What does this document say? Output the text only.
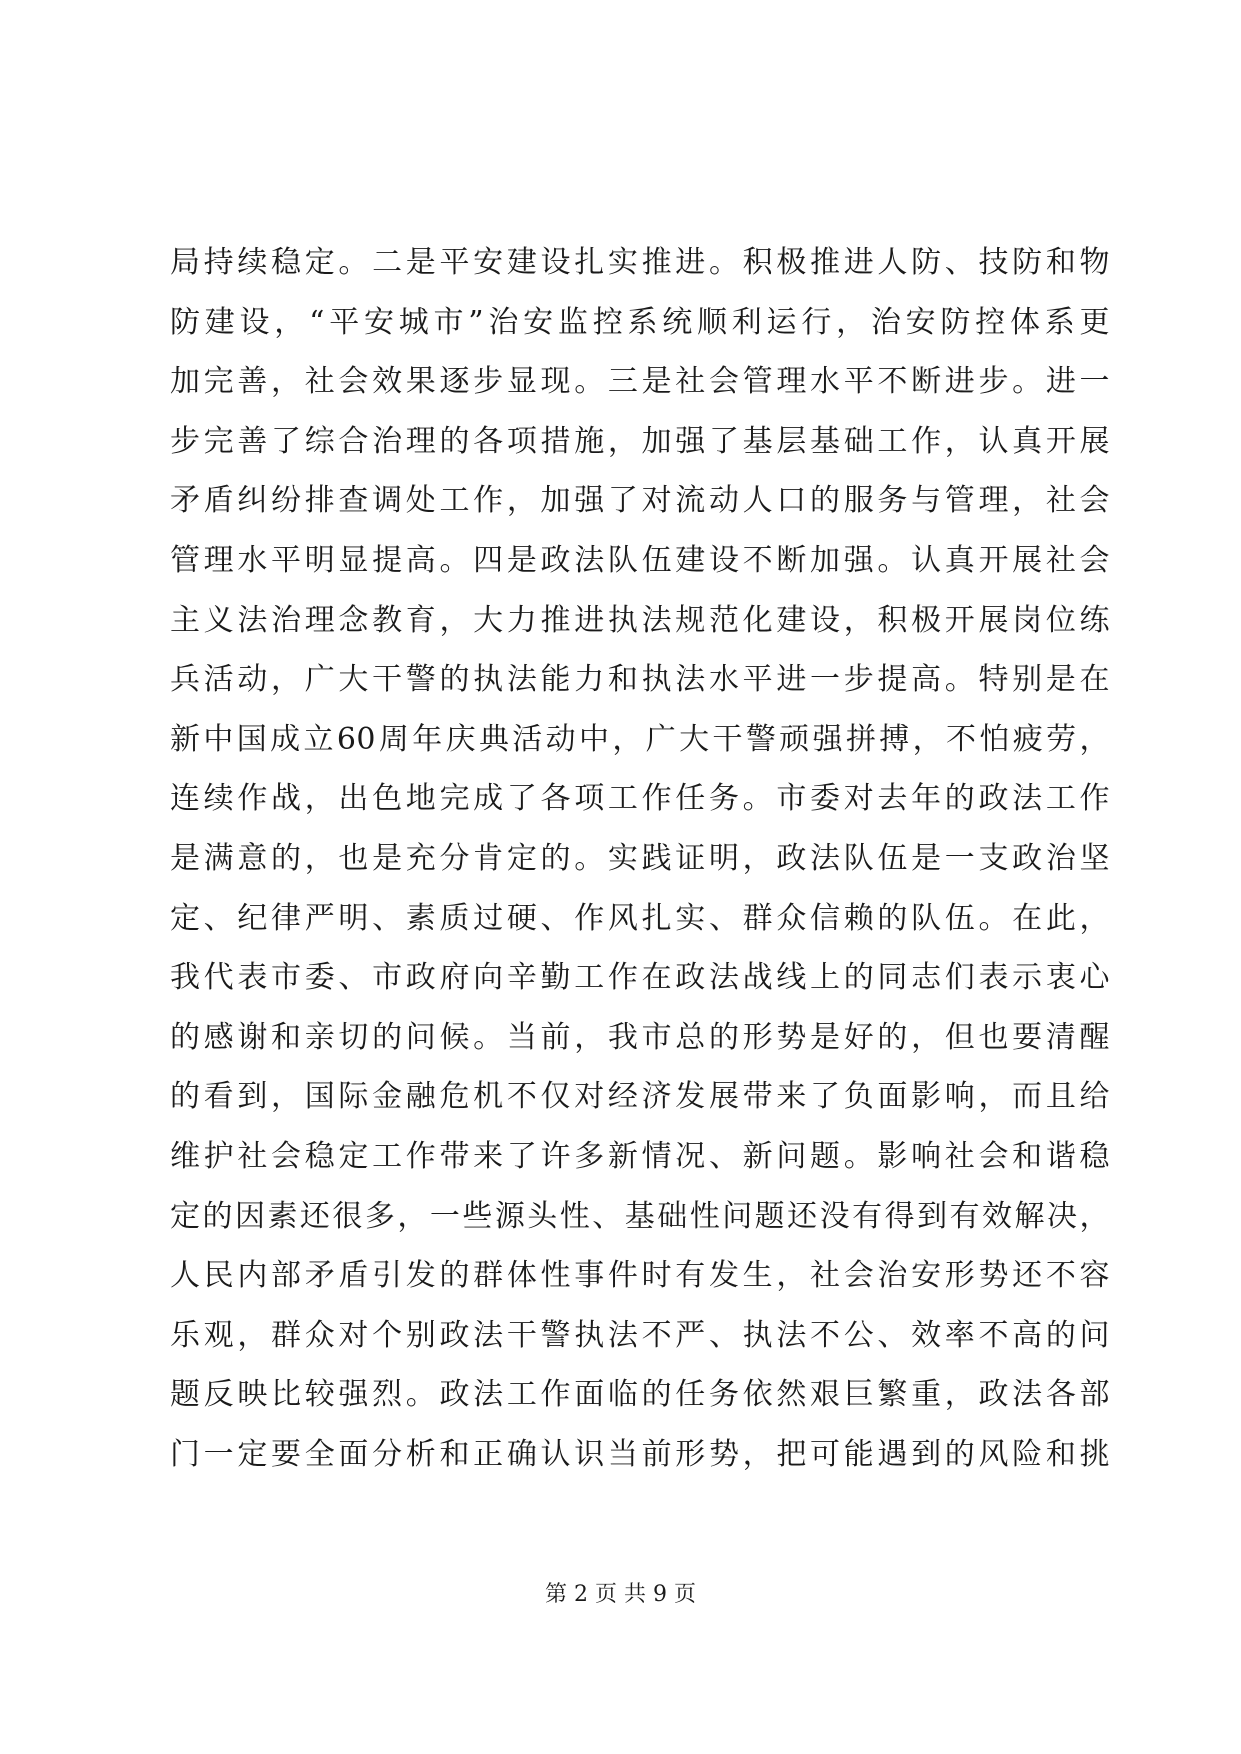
局持续稳定。二是平安建设扎实推进。积极推进人防、技防和物
防建设，“平安城市”治安监控系统顺利运行，治安防控体系更
加完善，社会效果逐步显现。三是社会管理水平不断进步。进一
步完善了综合治理的各项措施，加强了基层基础工作，认真开展
矛盾纠纷排查调处工作，加强了对流动人口的服务与管理，社会
管理水平明显提高。四是政法队伍建设不断加强。认真开展社会
主义法治理念教育，大力推进执法规范化建设，积极开展岗位练
兵活动，广大干警的执法能力和执法水平进一步提高。特别是在
新中国成立60周年庆典活动中，广大干警顽强拼搏，不怕疲劳，
连续作战，出色地完成了各项工作任务。市委对去年的政法工作
是满意的，也是充分肯定的。实践证明，政法队伍是一支政治坚
定、纪律严明、素质过硬、作风扎实、群众信赖的队伍。在此，
我代表市委、市政府向辛勤工作在政法战线上的同志们表示衷心
的感谢和亲切的问候。当前，我市总的形势是好的，但也要清醒
的看到，国际金融危机不仅对经济发展带来了负面影响，而且给
维护社会稳定工作带来了许多新情况、新问题。影响社会和谐稳
定的因素还很多，一些源头性、基础性问题还没有得到有效解决，
人民内部矛盾引发的群体性事件时有发生，社会治安形势还不容
乐观，群众对个别政法干警执法不严、执法不公、效率不高的问
题反映比较强烈。政法工作面临的任务依然艰巨繁重，政法各部
门一定要全面分析和正确认识当前形势，把可能遇到的风险和挑
第 2 页 共 9 页
